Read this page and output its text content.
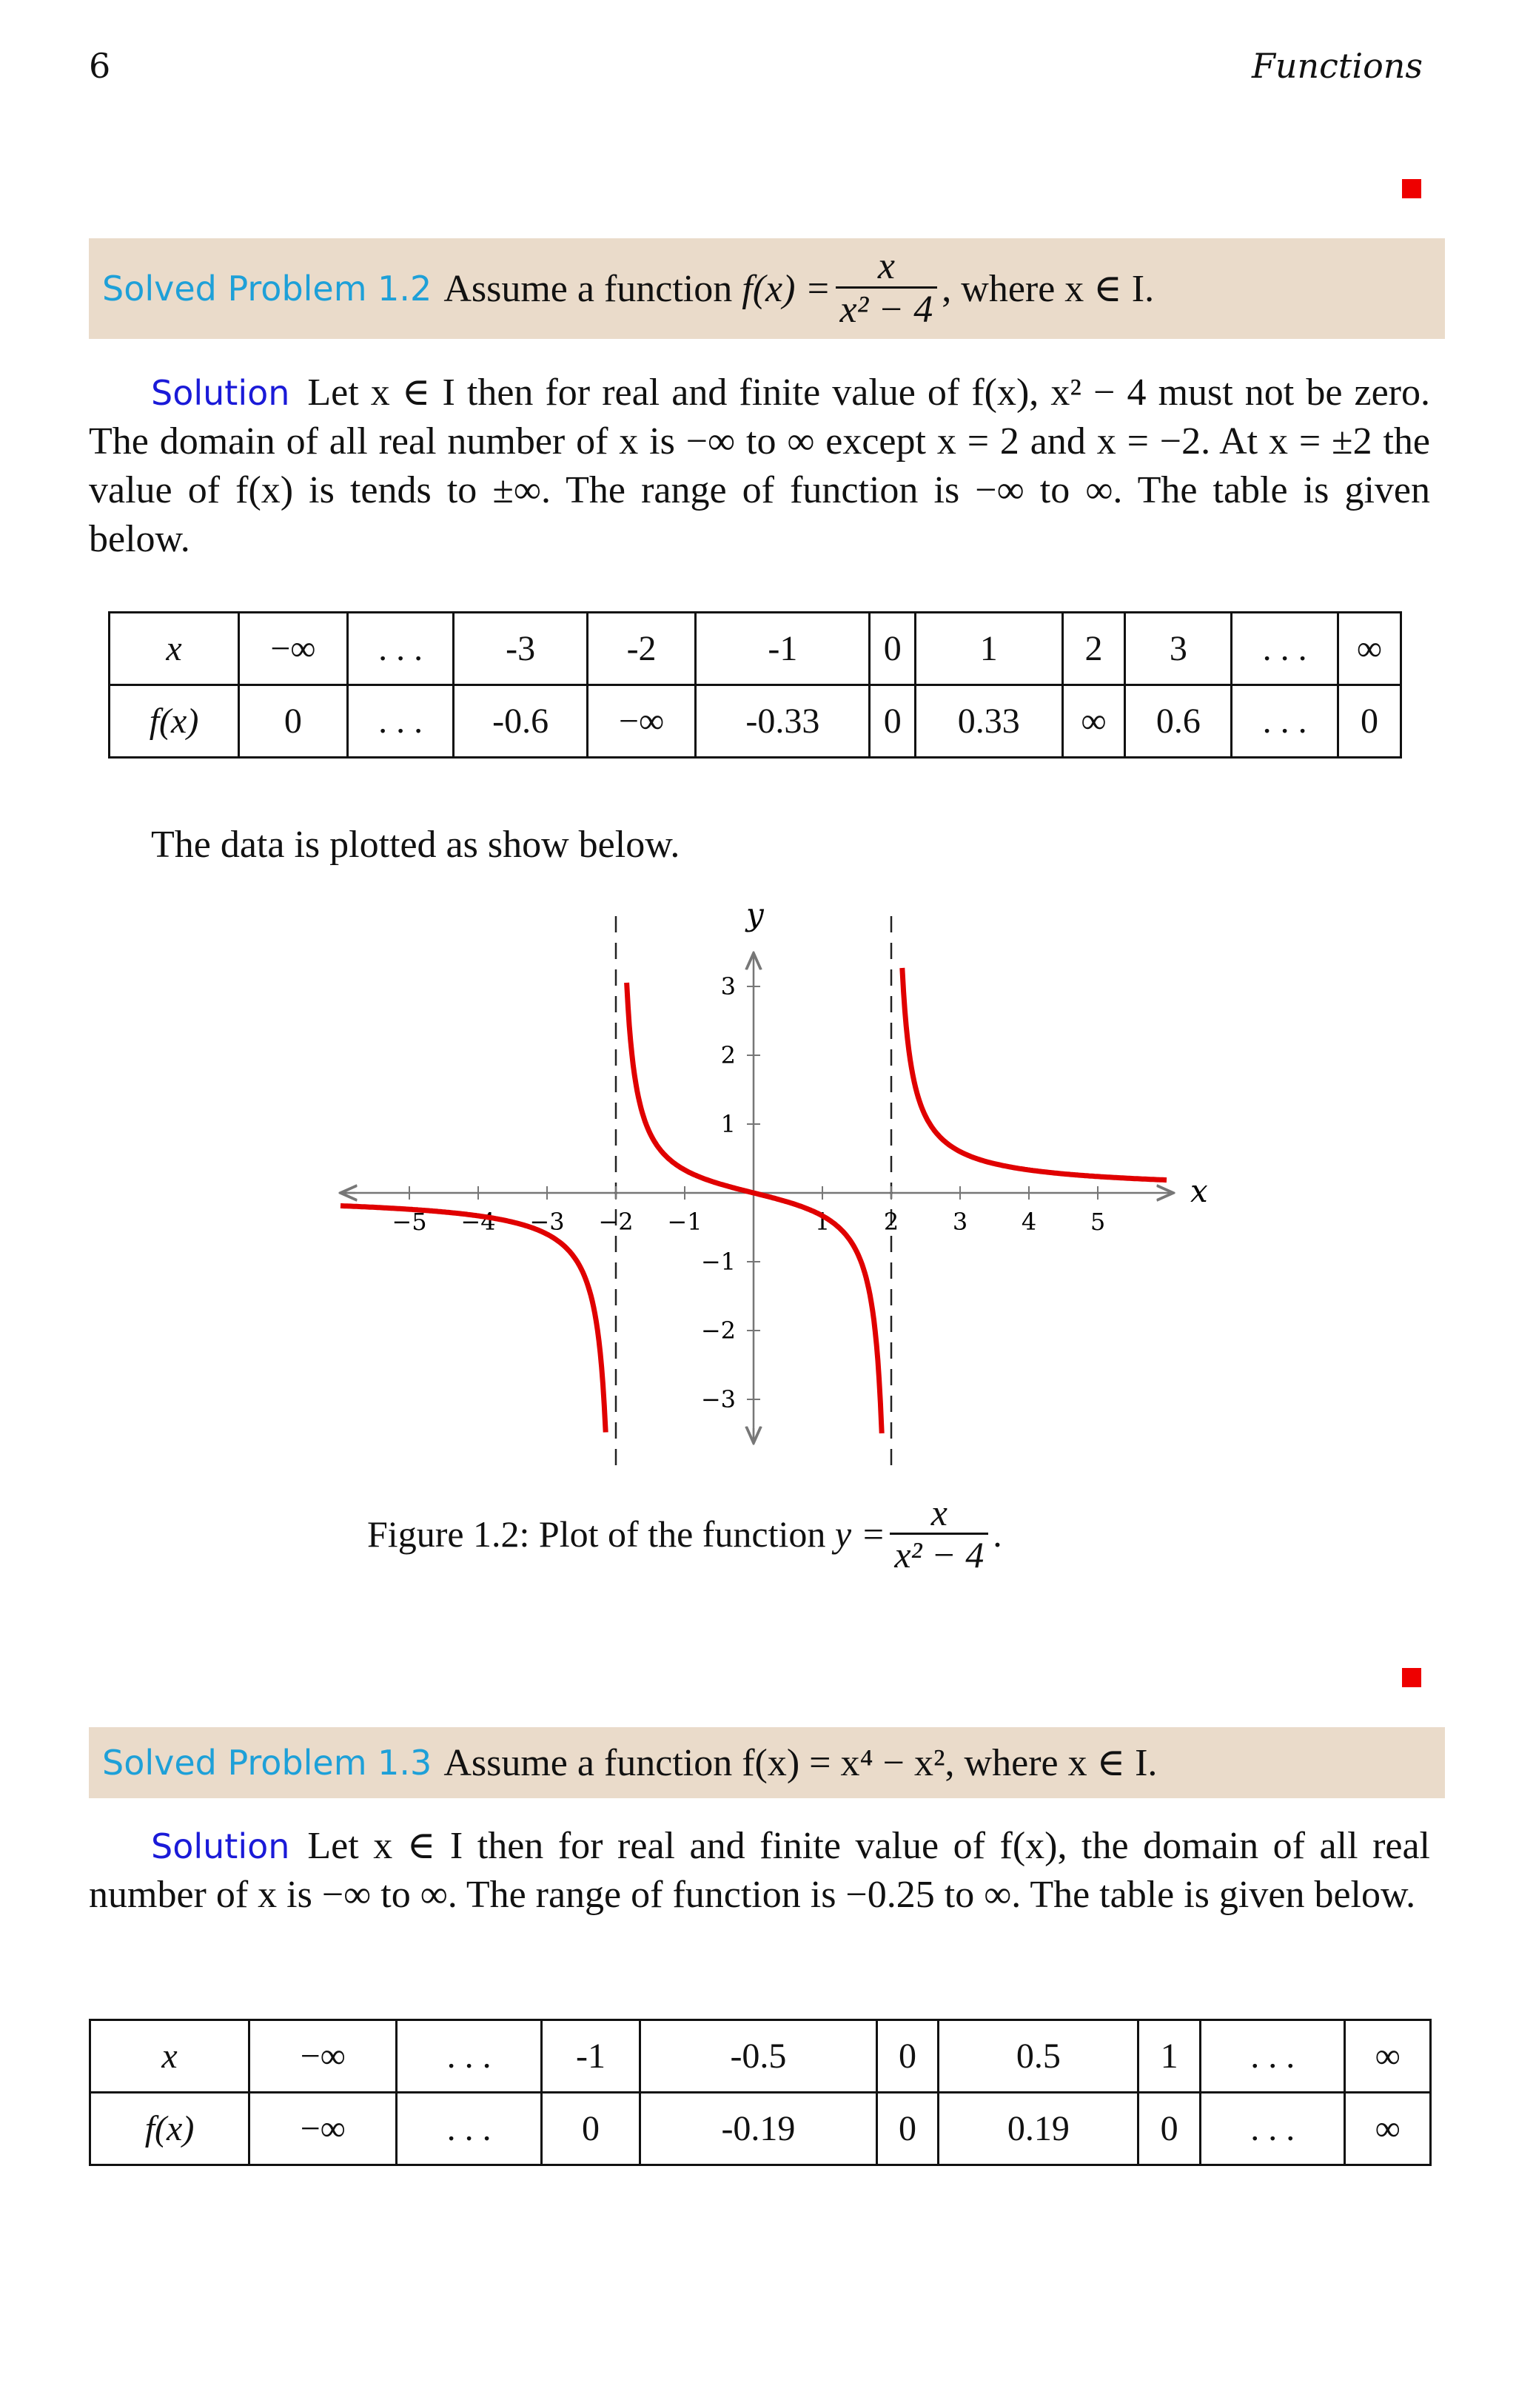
6	Functions
Solved Problem 1.2 Assume a function
$f(x) = \frac{x}{\text{x² − 4}}$ , where x ∈ I.
Solution Let x ∈ I then for real and finite value of f(x), x² − 4 must not be zero. The domain of all real number of x is −∞ to ∞ except x = 2 and x = −2. At x = ±2 the value of f(x) is tends to ±∞. The range of function is −∞ to ∞. The table is given below.
x	−∞	. . .	-3	-2	-1	0	1	2	3	. . .	∞
f(x)	0	. . .	-0.6	−∞	-0.33	0	0.33	∞	0.6	. . .	0
The data is plotted as show below.
x
y
−5 −4 −3 −2 −1	1 2 3 4 5
−3
−2
−1
1
2
3
Figure 1.2: Plot of the function
$y = \frac{x}{\text{x² − 4}}$ .
Solved Problem 1.3 Assume a function f(x) = x⁴ − x², where x ∈ I.
Solution Let x ∈ I then for real and finite value of f(x), the domain of all real number of x is −∞ to ∞. The range of function is −0.25 to ∞. The table is given below.
x	−∞	. . .	-1	-0.5	0	0.5	1	. . .	∞
f(x)	−∞	. . .	0	-0.19	0	0.19	0	. . .	∞
